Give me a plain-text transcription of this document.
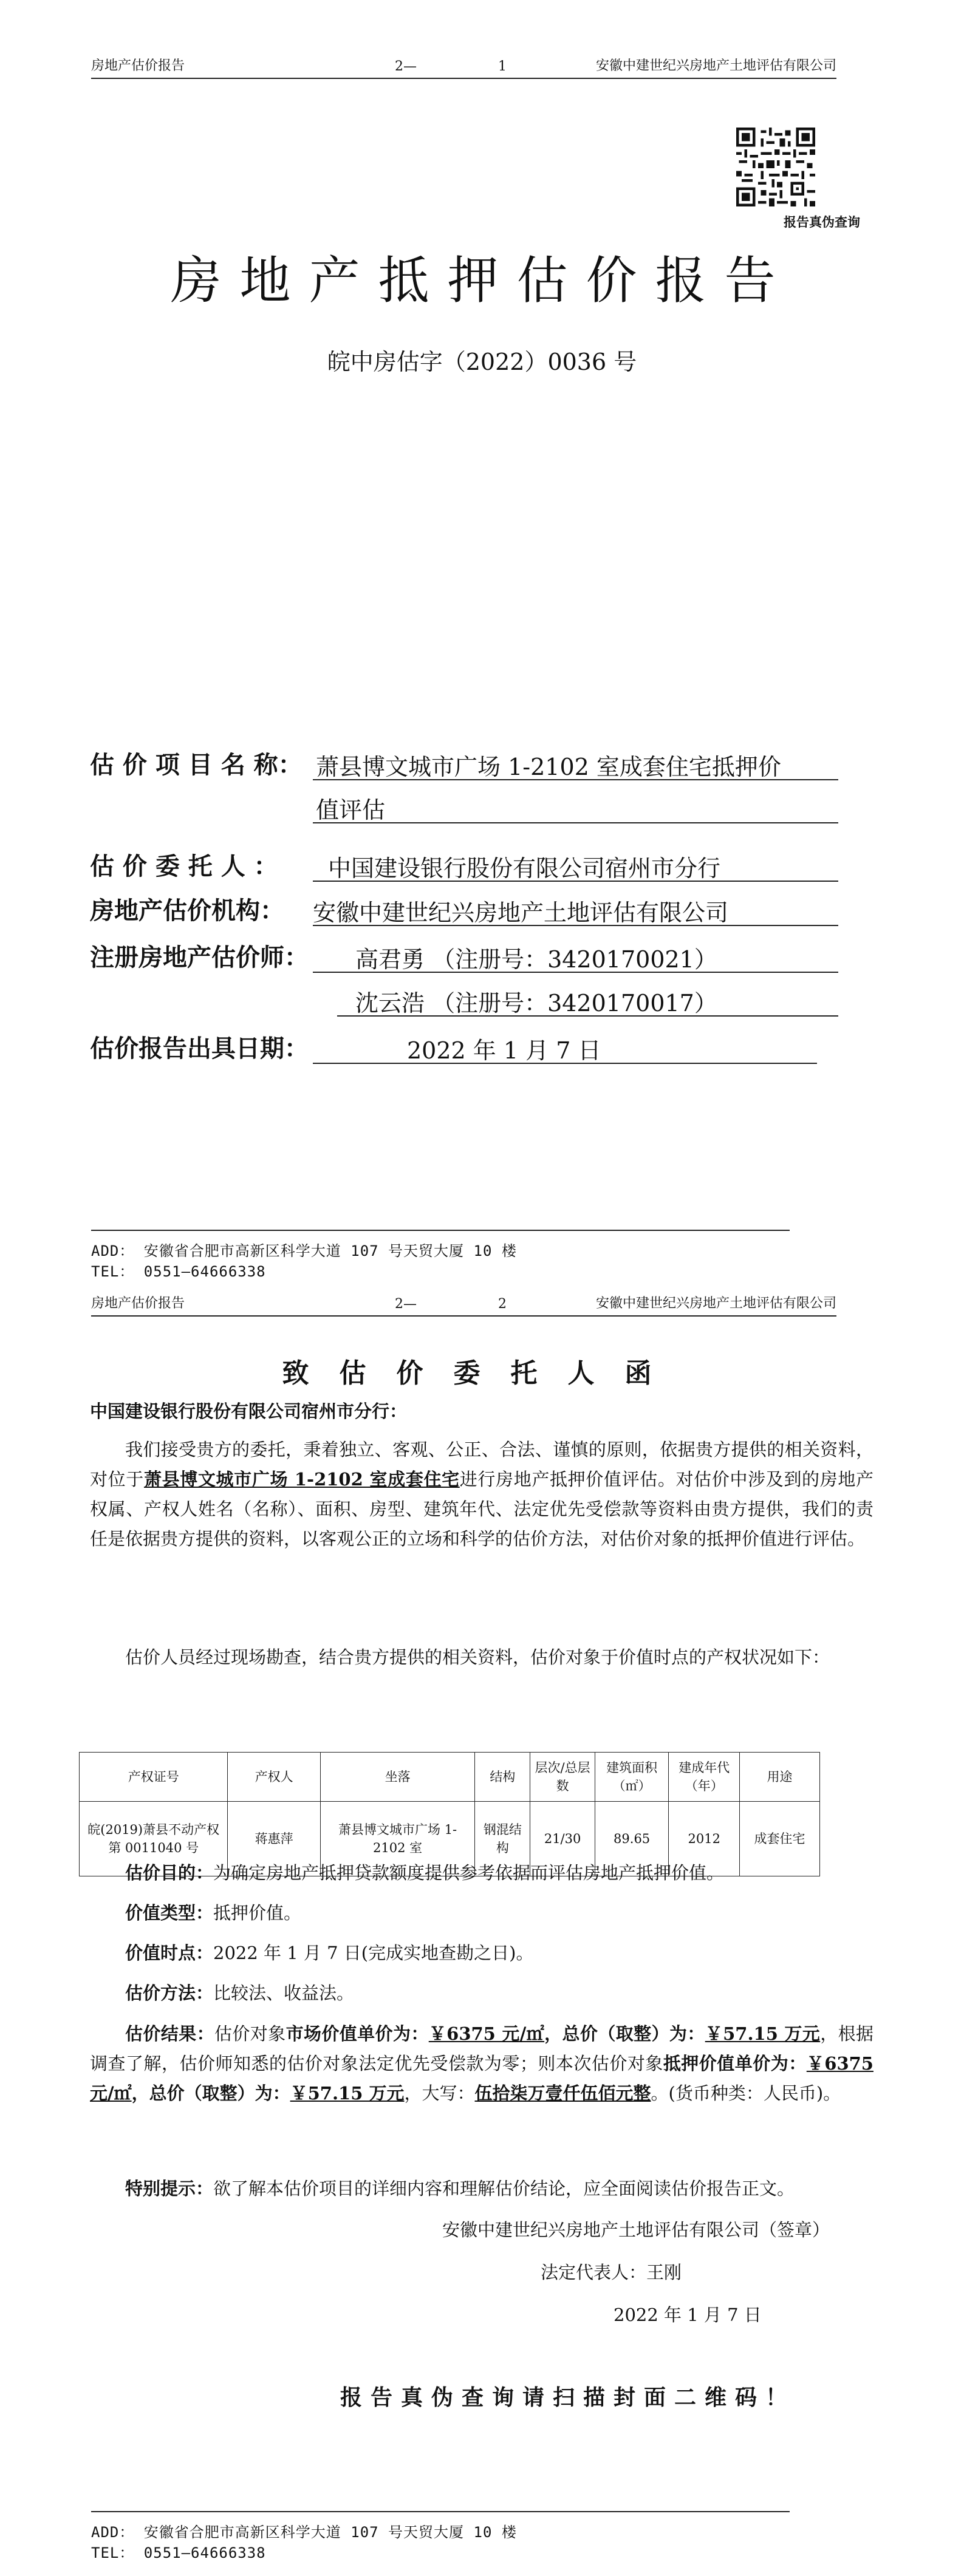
房地产估价报告	2—	1	安徽中建世纪兴房地产土地评估有限公司
报告真伪查询
房地产抵押估价报告
皖中房估字（2022）0036 号
估 价 项 目 名 称： 萧县博文城市广场 1-2102 室成套住宅抵押价
值评估
估 价 委 托 人 ： 中国建设银行股份有限公司宿州市分行
房地产估价机构： 安徽中建世纪兴房地产土地评估有限公司
注册房地产估价师： 高君勇 （注册号：3420170021）
沈云浩 （注册号：3420170017）
估价报告出具日期：	2022 年 1 月 7 日
ADD： 安徽省合肥市高新区科学大道 107 号天贸大厦 10 楼
TEL： 0551—64666338
房地产估价报告	2—	2	安徽中建世纪兴房地产土地评估有限公司
致估价委托人函
中国建设银行股份有限公司宿州市分行：
我们接受贵方的委托，秉着独立、客观、公正、合法、谨慎的原则，依据贵方提供的相关资料，对位于萧县博文城市广场 1-2102 室成套住宅进行房地产抵押价值评估。对估价中涉及到的房地产权属、产权人姓名（名称）、面积、房型、建筑年代、法定优先受偿款等资料由贵方提供，我们的责任是依据贵方提供的资料，以客观公正的立场和科学的估价方法，对估价对象的抵押价值进行评估。
估价人员经过现场勘查，结合贵方提供的相关资料，估价对象于价值时点的产权状况如下：
产权证号	产权人	坐落	结构	层次/总层数	建筑面积（㎡）	建成年代（年）	用途
皖(2019)萧县不动产权第 0011040 号	蒋惠萍	萧县博文城市广场 1-2102 室	钢混结构	21/30	89.65	2012	成套住宅
估价目的：为确定房地产抵押贷款额度提供参考依据而评估房地产抵押价值。
价值类型：抵押价值。
价值时点：2022 年 1 月 7 日(完成实地查勘之日)。
估价方法：比较法、收益法。
估价结果：估价对象市场价值单价为：￥6375 元/㎡，总价（取整）为：￥57.15 万元，根据调查了解，估价师知悉的估价对象法定优先受偿款为零；则本次估价对象抵押价值单价为：￥6375 元/㎡，总价（取整）为：￥57.15 万元，大写：伍拾柒万壹仟伍佰元整。(货币种类：人民币)。
特别提示：欲了解本估价项目的详细内容和理解估价结论，应全面阅读估价报告正文。
安徽中建世纪兴房地产土地评估有限公司（签章）
法定代表人：王刚
2022 年 1 月 7 日
报告真伪查询请扫描封面二维码！
ADD： 安徽省合肥市高新区科学大道 107 号天贸大厦 10 楼
TEL： 0551—64666338
